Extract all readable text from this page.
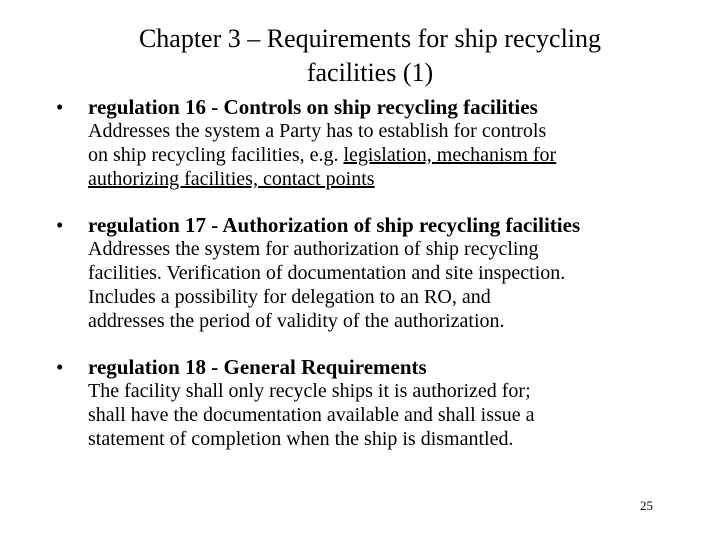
Chapter 3 – Requirements for ship recycling
facilities (1)
• regulation 16 - Controls on ship recycling facilities
Addresses the system a Party has to establish for controls
on ship recycling facilities, e.g. legislation, mechanism for
authorizing facilities, contact points
• regulation 17 - Authorization of ship recycling facilities
Addresses the system for authorization of ship recycling
facilities. Verification of documentation and site inspection.
Includes a possibility for delegation to an RO, and
addresses the period of validity of the authorization.
• regulation 18 - General Requirements
The facility shall only recycle ships it is authorized for;
shall have the documentation available and shall issue a
statement of completion when the ship is dismantled.
25
